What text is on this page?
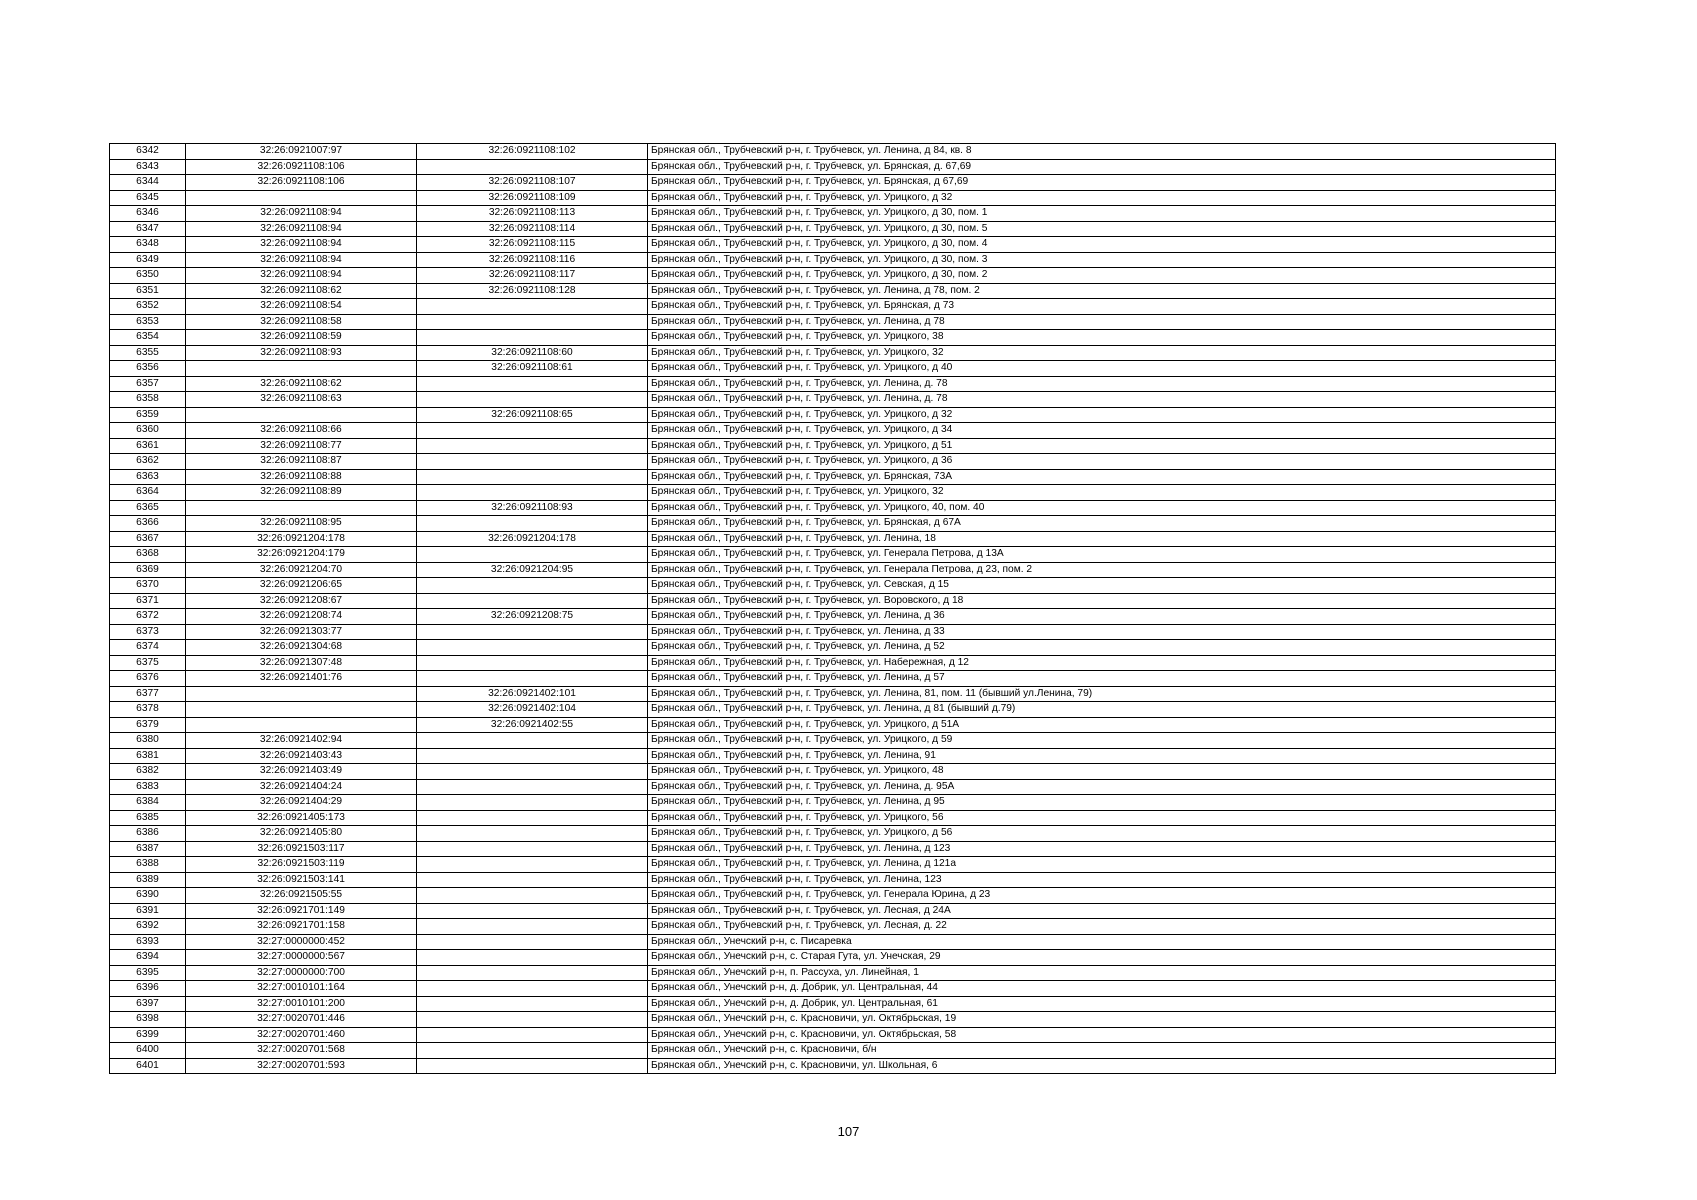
6342	32:26:0921007:97	32:26:0921108:102	Брянская обл., Трубчевский р-н, г. Трубчевск, ул. Ленина, д 84, кв. 8
6343	32:26:0921108:106		Брянская обл., Трубчевский р-н, г. Трубчевск, ул. Брянская, д. 67,69
6344	32:26:0921108:106	32:26:0921108:107	Брянская обл., Трубчевский р-н, г. Трубчевск, ул. Брянская, д 67,69
6345		32:26:0921108:109	Брянская обл., Трубчевский р-н, г. Трубчевск, ул. Урицкого, д 32
6346	32:26:0921108:94	32:26:0921108:113	Брянская обл., Трубчевский р-н, г. Трубчевск, ул. Урицкого, д 30, пом. 1
6347	32:26:0921108:94	32:26:0921108:114	Брянская обл., Трубчевский р-н, г. Трубчевск, ул. Урицкого, д 30, пом. 5
6348	32:26:0921108:94	32:26:0921108:115	Брянская обл., Трубчевский р-н, г. Трубчевск, ул. Урицкого, д 30, пом. 4
6349	32:26:0921108:94	32:26:0921108:116	Брянская обл., Трубчевский р-н, г. Трубчевск, ул. Урицкого, д 30, пом. 3
6350	32:26:0921108:94	32:26:0921108:117	Брянская обл., Трубчевский р-н, г. Трубчевск, ул. Урицкого, д 30, пом. 2
6351	32:26:0921108:62	32:26:0921108:128	Брянская обл., Трубчевский р-н, г. Трубчевск, ул. Ленина, д 78, пом. 2
6352	32:26:0921108:54		Брянская обл., Трубчевский р-н, г. Трубчевск, ул. Брянская, д 73
6353	32:26:0921108:58		Брянская обл., Трубчевский р-н, г. Трубчевск, ул. Ленина, д 78
6354	32:26:0921108:59		Брянская обл., Трубчевский р-н, г. Трубчевск, ул. Урицкого, 38
6355	32:26:0921108:93	32:26:0921108:60	Брянская обл., Трубчевский р-н, г. Трубчевск, ул. Урицкого, 32
6356		32:26:0921108:61	Брянская обл., Трубчевский р-н, г. Трубчевск, ул. Урицкого, д 40
6357	32:26:0921108:62		Брянская обл., Трубчевский р-н, г. Трубчевск, ул. Ленина, д. 78
6358	32:26:0921108:63		Брянская обл., Трубчевский р-н, г. Трубчевск, ул. Ленина, д. 78
6359		32:26:0921108:65	Брянская обл., Трубчевский р-н, г. Трубчевск, ул. Урицкого, д 32
6360	32:26:0921108:66		Брянская обл., Трубчевский р-н, г. Трубчевск, ул. Урицкого, д 34
6361	32:26:0921108:77		Брянская обл., Трубчевский р-н, г. Трубчевск, ул. Урицкого, д 51
6362	32:26:0921108:87		Брянская обл., Трубчевский р-н, г. Трубчевск, ул. Урицкого, д 36
6363	32:26:0921108:88		Брянская обл., Трубчевский р-н, г. Трубчевск, ул. Брянская, 73А
6364	32:26:0921108:89		Брянская обл., Трубчевский р-н, г. Трубчевск, ул. Урицкого, 32
6365		32:26:0921108:93	Брянская обл., Трубчевский р-н, г. Трубчевск, ул. Урицкого, 40, пом. 40
6366	32:26:0921108:95		Брянская обл., Трубчевский р-н, г. Трубчевск, ул. Брянская, д 67А
6367	32:26:0921204:178	32:26:0921204:178	Брянская обл., Трубчевский р-н, г. Трубчевск, ул. Ленина, 18
6368	32:26:0921204:179		Брянская обл., Трубчевский р-н, г. Трубчевск, ул. Генерала Петрова, д 13А
6369	32:26:0921204:70	32:26:0921204:95	Брянская обл., Трубчевский р-н, г. Трубчевск, ул. Генерала Петрова, д 23, пом. 2
6370	32:26:0921206:65		Брянская обл., Трубчевский р-н, г. Трубчевск, ул. Севская, д 15
6371	32:26:0921208:67		Брянская обл., Трубчевский р-н, г. Трубчевск, ул. Воровского, д 18
6372	32:26:0921208:74	32:26:0921208:75	Брянская обл., Трубчевский р-н, г. Трубчевск, ул. Ленина, д 36
6373	32:26:0921303:77		Брянская обл., Трубчевский р-н, г. Трубчевск, ул. Ленина, д 33
6374	32:26:0921304:68		Брянская обл., Трубчевский р-н, г. Трубчевск, ул. Ленина, д 52
6375	32:26:0921307:48		Брянская обл., Трубчевский р-н, г. Трубчевск, ул. Набережная, д 12
6376	32:26:0921401:76		Брянская обл., Трубчевский р-н, г. Трубчевск, ул. Ленина, д 57
6377		32:26:0921402:101	Брянская обл., Трубчевский р-н, г. Трубчевск, ул. Ленина, 81, пом. 11 (бывший ул.Ленина, 79)
6378		32:26:0921402:104	Брянская обл., Трубчевский р-н, г. Трубчевск, ул. Ленина, д 81 (бывший д.79)
6379		32:26:0921402:55	Брянская обл., Трубчевский р-н, г. Трубчевск, ул. Урицкого, д 51А
6380	32:26:0921402:94		Брянская обл., Трубчевский р-н, г. Трубчевск, ул. Урицкого, д 59
6381	32:26:0921403:43		Брянская обл., Трубчевский р-н, г. Трубчевск, ул. Ленина, 91
6382	32:26:0921403:49		Брянская обл., Трубчевский р-н, г. Трубчевск, ул. Урицкого, 48
6383	32:26:0921404:24		Брянская обл., Трубчевский р-н, г. Трубчевск, ул. Ленина, д. 95А
6384	32:26:0921404:29		Брянская обл., Трубчевский р-н, г. Трубчевск, ул. Ленина, д 95
6385	32:26:0921405:173		Брянская обл., Трубчевский р-н, г. Трубчевск, ул. Урицкого, 56
6386	32:26:0921405:80		Брянская обл., Трубчевский р-н, г. Трубчевск, ул. Урицкого, д 56
6387	32:26:0921503:117		Брянская обл., Трубчевский р-н, г. Трубчевск, ул. Ленина, д 123
6388	32:26:0921503:119		Брянская обл., Трубчевский р-н, г. Трубчевск, ул. Ленина, д 121а
6389	32:26:0921503:141		Брянская обл., Трубчевский р-н, г. Трубчевск, ул. Ленина, 123
6390	32:26:0921505:55		Брянская обл., Трубчевский р-н, г. Трубчевск, ул. Генерала Юрина, д 23
6391	32:26:0921701:149		Брянская обл., Трубчевский р-н, г. Трубчевск, ул. Лесная, д 24А
6392	32:26:0921701:158		Брянская обл., Трубчевский р-н, г. Трубчевск, ул. Лесная, д. 22
6393	32:27:0000000:452		Брянская обл., Унечский р-н, с. Писаревка
6394	32:27:0000000:567		Брянская обл., Унечский р-н, с. Старая Гута, ул. Унечская, 29
6395	32:27:0000000:700		Брянская обл., Унечский р-н, п. Рассуха, ул. Линейная, 1
6396	32:27:0010101:164		Брянская обл., Унечский р-н, д. Добрик, ул. Центральная, 44
6397	32:27:0010101:200		Брянская обл., Унечский р-н, д. Добрик, ул. Центральная, 61
6398	32:27:0020701:446		Брянская обл., Унечский р-н, с. Красновичи, ул. Октябрьская, 19
6399	32:27:0020701:460		Брянская обл., Унечский р-н, с. Красновичи, ул. Октябрьская, 58
6400	32:27:0020701:568		Брянская обл., Унечский р-н, с. Красновичи, б/н
6401	32:27:0020701:593		Брянская обл., Унечский р-н, с. Красновичи, ул. Школьная, 6
107
